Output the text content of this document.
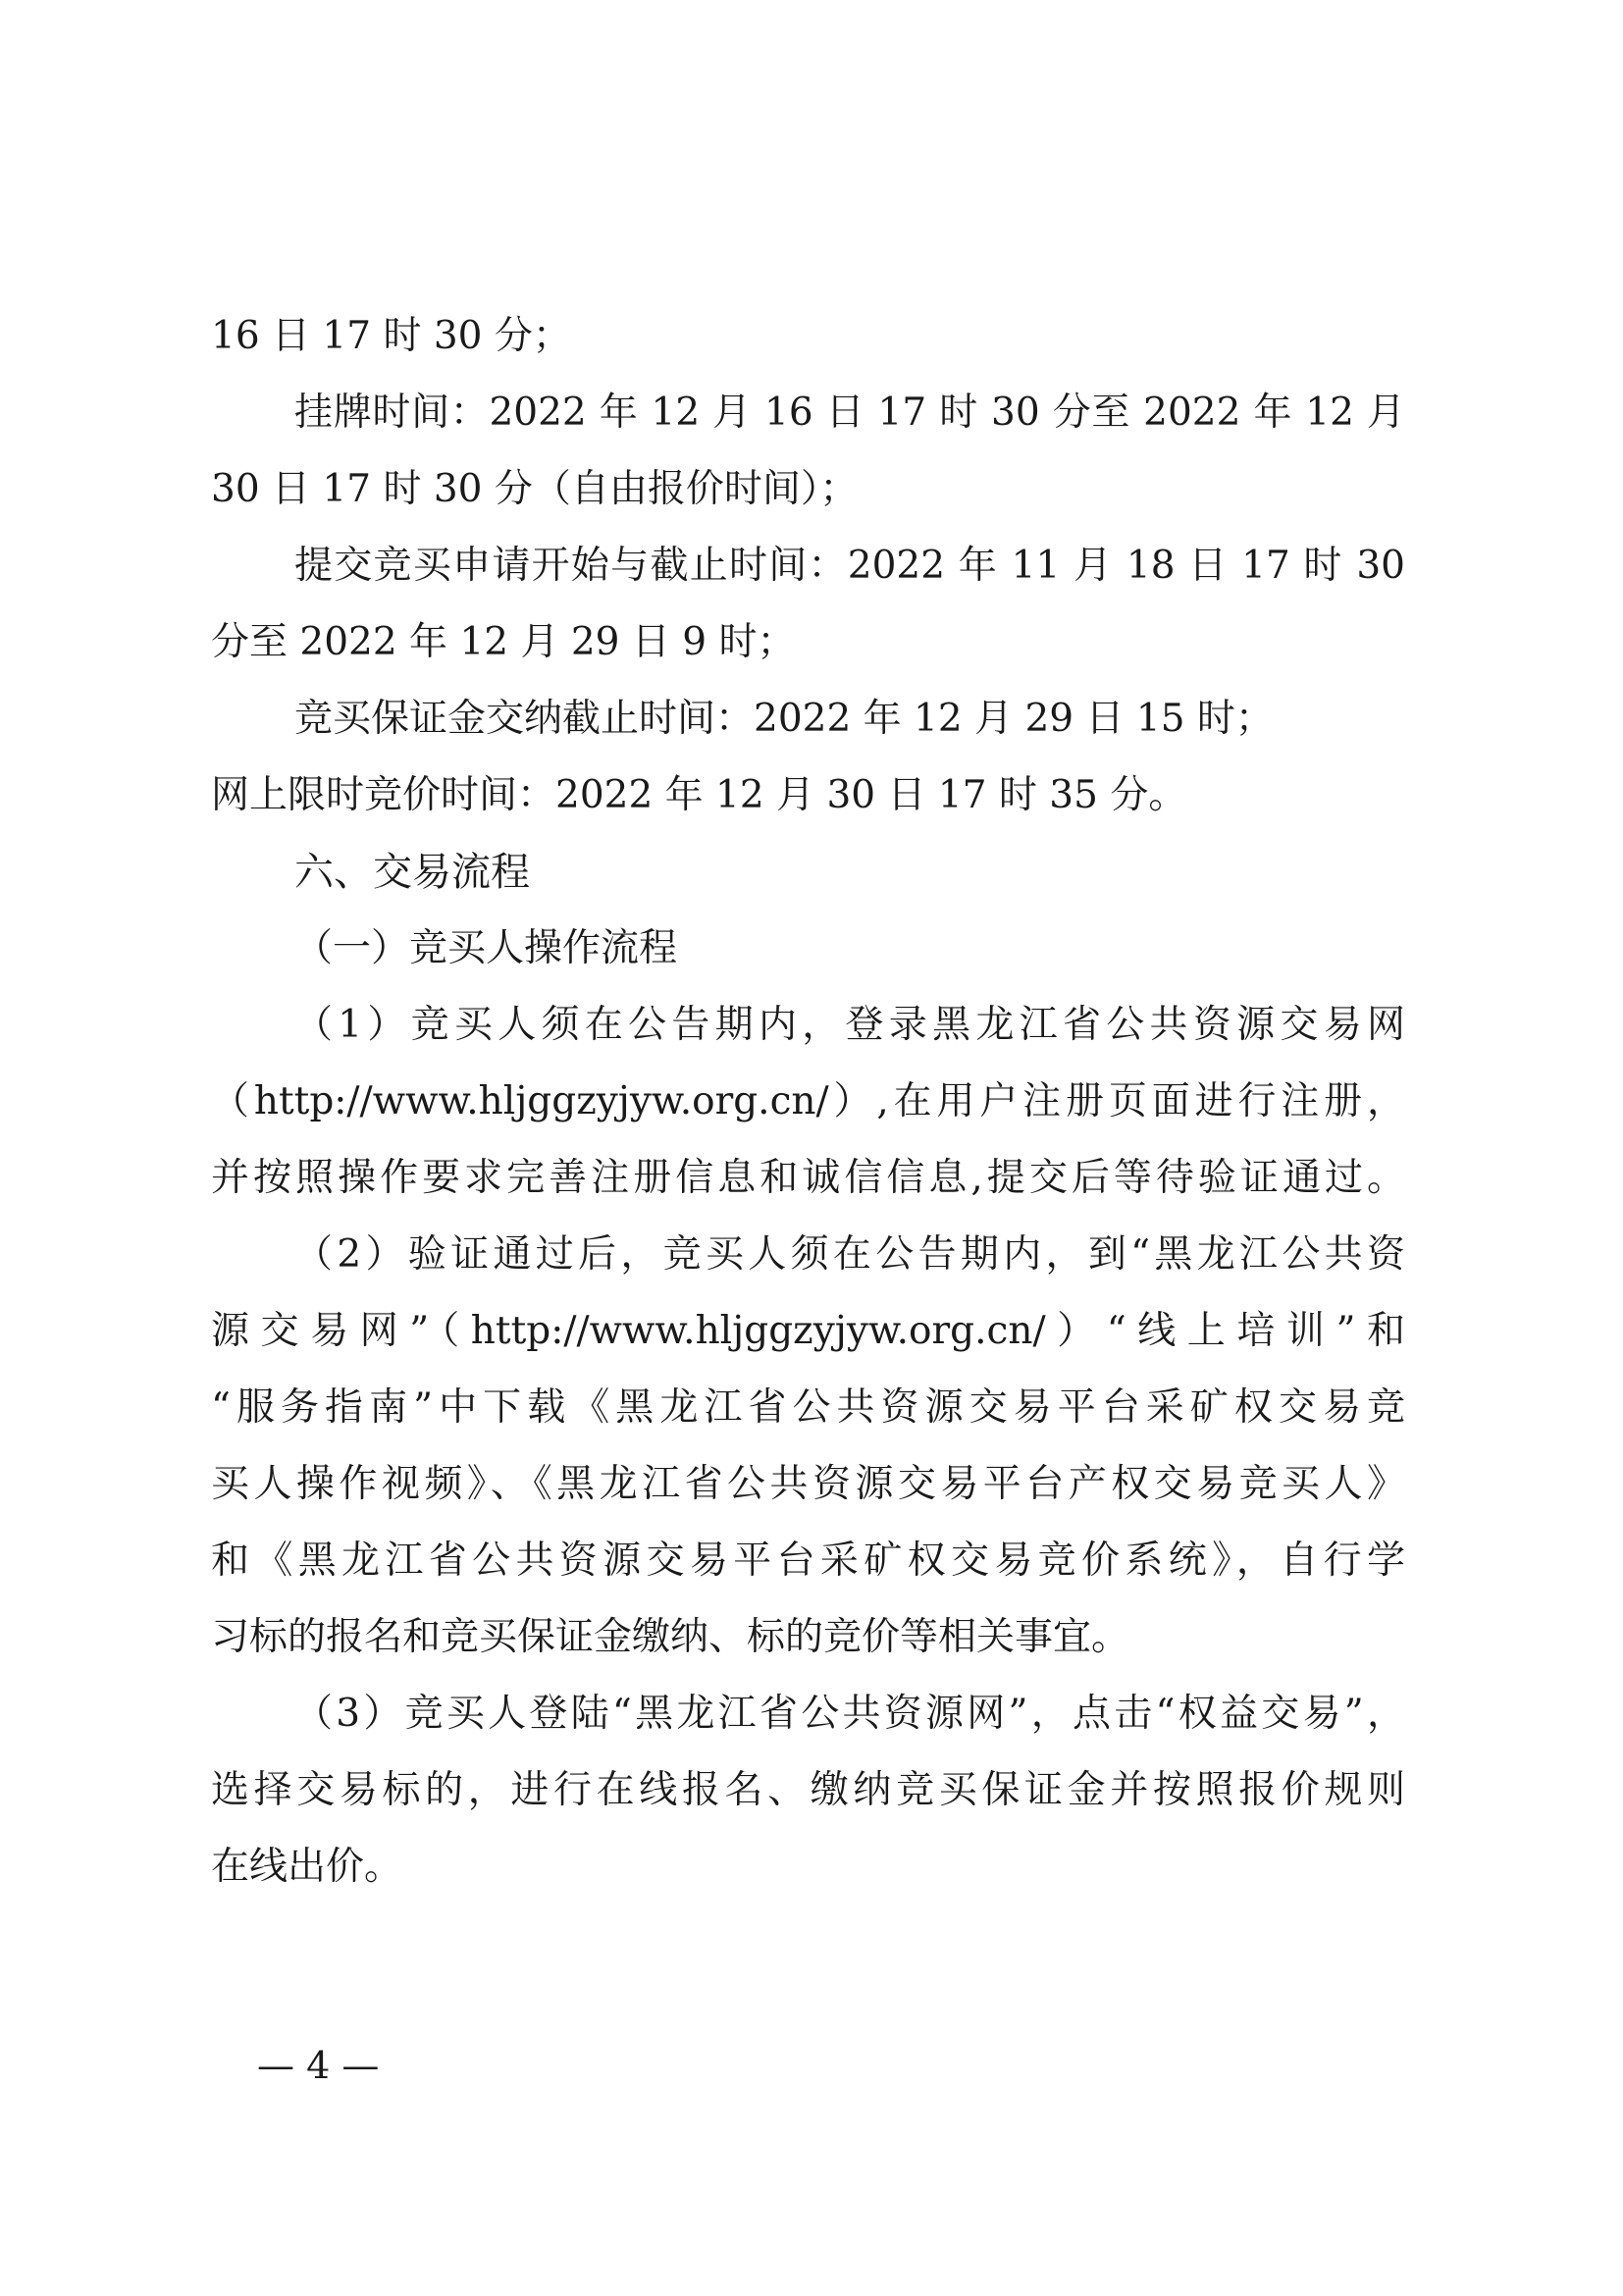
16 日 17 时 30 分；
挂牌时间：2022 年 12 月 16 日 17 时 30 分至 2022 年 12 月
30 日 17 时 30 分（自由报价时间）；
提交竞买申请开始与截止时间：2022 年 11 月 18 日 17 时 30
分至 2022 年 12 月 29 日 9 时；
竞买保证金交纳截止时间：2022 年 12 月 29 日 15 时；
网上限时竞价时间：2022 年 12 月 30 日 17 时 35 分。
六、交易流程
（一）竞买人操作流程
（1）竞买人须在公告期内，登录黑龙江省公共资源交易网
（http://www.hljggzyjyw.org.cn/）,在用户注册页面进行注册，
并按照操作要求完善注册信息和诚信信息,提交后等待验证通过。
（2）验证通过后，竞买人须在公告期内，到“黑龙江公共资
源交易网”（http://www.hljggzyjyw.org.cn/）“线上培训”和
“服务指南”中下载《黑龙江省公共资源交易平台采矿权交易竞
买人操作视频》、《黑龙江省公共资源交易平台产权交易竞买人》
和《黑龙江省公共资源交易平台采矿权交易竞价系统》，自行学
习标的报名和竞买保证金缴纳、标的竞价等相关事宜。
（3）竞买人登陆“黑龙江省公共资源网”，点击“权益交易”，
选择交易标的，进行在线报名、缴纳竞买保证金并按照报价规则
在线出价。
— 4 —
